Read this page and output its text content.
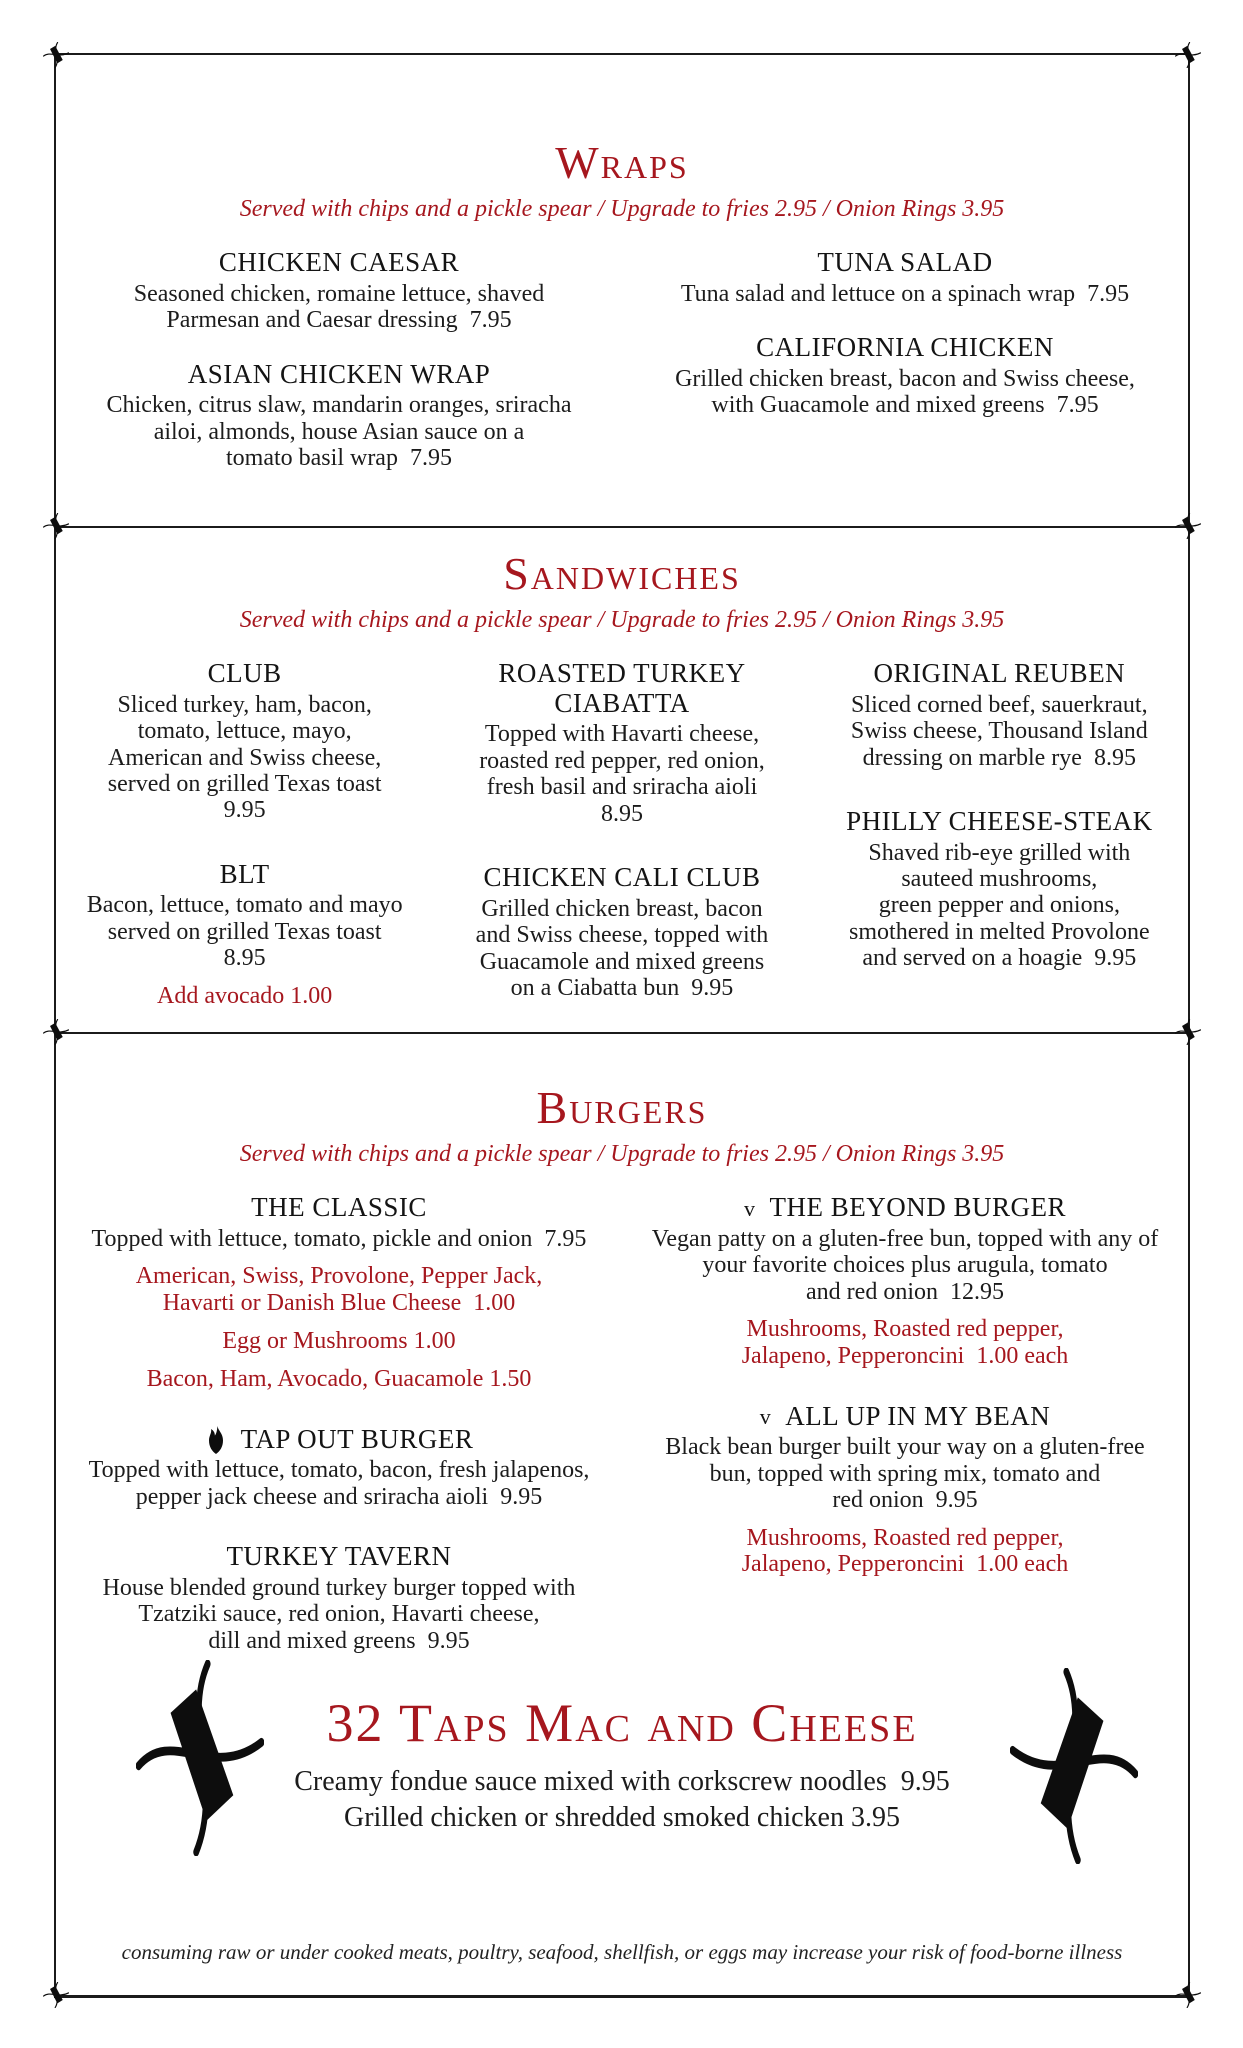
Wraps
Served with chips and a pickle spear / Upgrade to fries 2.95 / Onion Rings 3.95
CHICKEN CAESAR
Seasoned chicken, romaine lettuce, shaved
Parmesan and Caesar dressing  7.95
ASIAN CHICKEN WRAP
Chicken, citrus slaw, mandarin oranges, sriracha
ailoi, almonds, house Asian sauce on a
tomato basil wrap  7.95
TUNA SALAD
Tuna salad and lettuce on a spinach wrap  7.95
CALIFORNIA CHICKEN
Grilled chicken breast, bacon and Swiss cheese,
with Guacamole and mixed greens  7.95
Sandwiches
Served with chips and a pickle spear / Upgrade to fries 2.95 / Onion Rings 3.95
CLUB
Sliced turkey, ham, bacon,
tomato, lettuce, mayo,
American and Swiss cheese,
served on grilled Texas toast
9.95
BLT
Bacon, lettuce, tomato and mayo
served on grilled Texas toast
8.95
Add avocado 1.00
ROASTED TURKEY CIABATTA
Topped with Havarti cheese,
roasted red pepper, red onion,
fresh basil and sriracha aioli
8.95
CHICKEN CALI CLUB
Grilled chicken breast, bacon
and Swiss cheese, topped with
Guacamole and mixed greens
on a Ciabatta bun  9.95
ORIGINAL REUBEN
Sliced corned beef, sauerkraut,
Swiss cheese, Thousand Island
dressing on marble rye  8.95
PHILLY CHEESE-STEAK
Shaved rib-eye grilled with
sauteed mushrooms,
green pepper and onions,
smothered in melted Provolone
and served on a hoagie  9.95
Burgers
Served with chips and a pickle spear / Upgrade to fries 2.95 / Onion Rings 3.95
THE CLASSIC
Topped with lettuce, tomato, pickle and onion  7.95
American, Swiss, Provolone, Pepper Jack,
Havarti or Danish Blue Cheese  1.00
Egg or Mushrooms 1.00
Bacon, Ham, Avocado, Guacamole 1.50
TAP OUT BURGER
Topped with lettuce, tomato, bacon, fresh jalapenos,
pepper jack cheese and sriracha aioli  9.95
TURKEY TAVERN
House blended ground turkey burger topped with
Tzatziki sauce, red onion, Havarti cheese,
dill and mixed greens  9.95
v THE BEYOND BURGER
Vegan patty on a gluten-free bun, topped with any of
your favorite choices plus arugula, tomato
and red onion  12.95
Mushrooms, Roasted red pepper,
Jalapeno, Pepperoncini  1.00 each
v ALL UP IN MY BEAN
Black bean burger built your way on a gluten-free
bun, topped with spring mix, tomato and
red onion  9.95
Mushrooms, Roasted red pepper,
Jalapeno, Pepperoncini  1.00 each
32 Taps Mac and Cheese
Creamy fondue sauce mixed with corkscrew noodles  9.95
Grilled chicken or shredded smoked chicken 3.95
consuming raw or under cooked meats, poultry, seafood, shellfish, or eggs may increase your risk of food-borne illness
